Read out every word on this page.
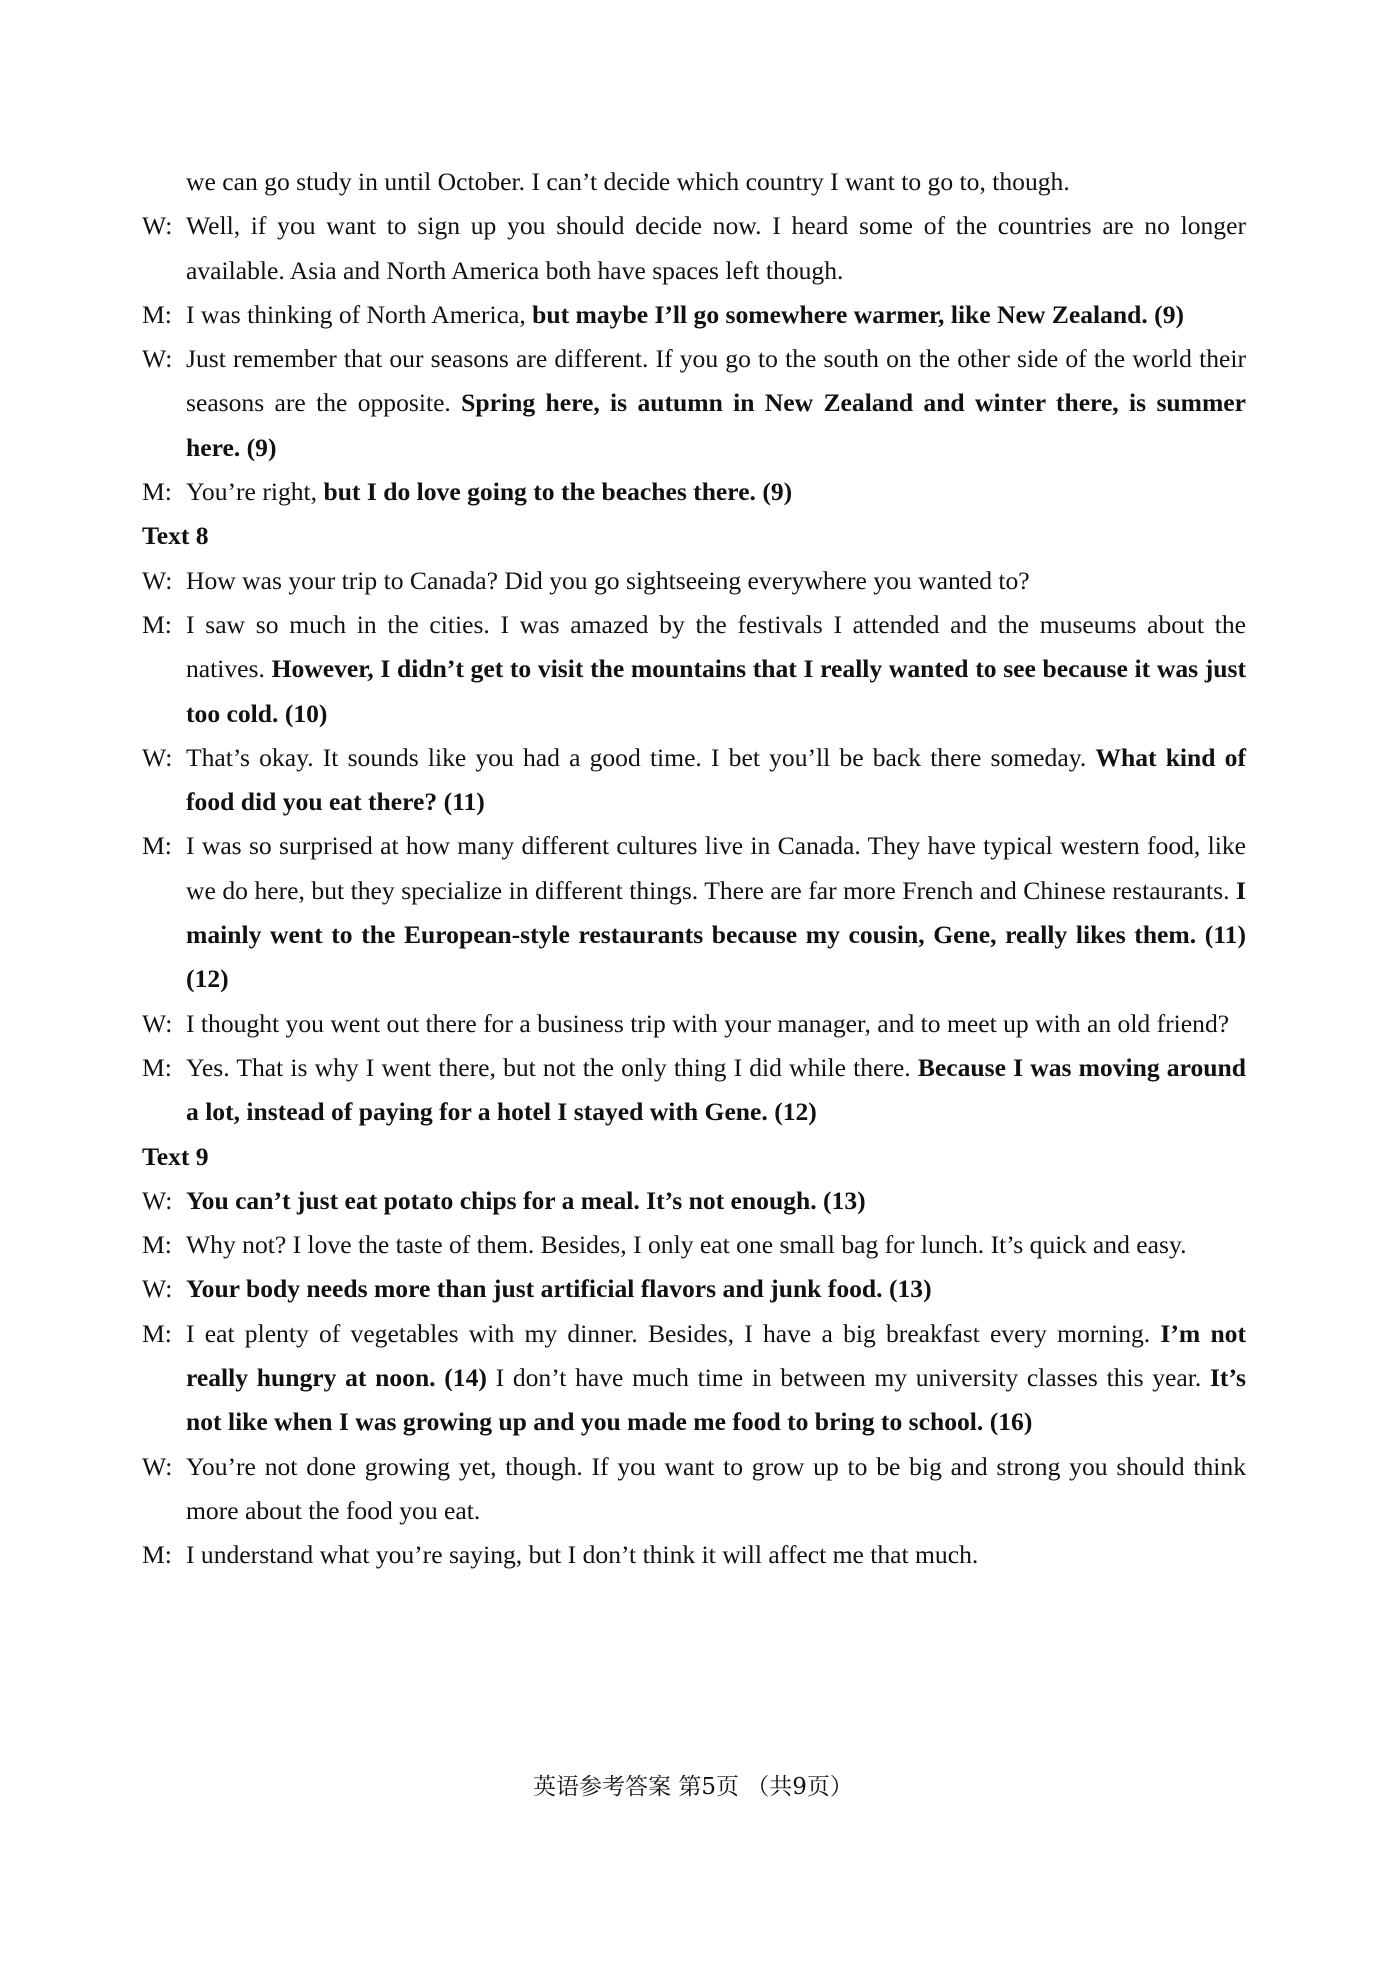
we can go study in until October. I can’t decide which country I want to go to, though.
W: Well, if you want to sign up you should decide now. I heard some of the countries are no longer available. Asia and North America both have spaces left though.
M: I was thinking of North America, but maybe I’ll go somewhere warmer, like New Zealand. (9)
W: Just remember that our seasons are different. If you go to the south on the other side of the world their seasons are the opposite. Spring here, is autumn in New Zealand and winter there, is summer here. (9)
M: You’re right, but I do love going to the beaches there. (9)
Text 8
W: How was your trip to Canada? Did you go sightseeing everywhere you wanted to?
M: I saw so much in the cities. I was amazed by the festivals I attended and the museums about the natives. However, I didn’t get to visit the mountains that I really wanted to see because it was just too cold. (10)
W: That’s okay. It sounds like you had a good time. I bet you’ll be back there someday. What kind of food did you eat there? (11)
M: I was so surprised at how many different cultures live in Canada. They have typical western food, like we do here, but they specialize in different things. There are far more French and Chinese restaurants. I mainly went to the European-style restaurants because my cousin, Gene, really likes them. (11) (12)
W: I thought you went out there for a business trip with your manager, and to meet up with an old friend?
M: Yes. That is why I went there, but not the only thing I did while there. Because I was moving around a lot, instead of paying for a hotel I stayed with Gene. (12)
Text 9
W: You can’t just eat potato chips for a meal. It’s not enough. (13)
M: Why not? I love the taste of them. Besides, I only eat one small bag for lunch. It’s quick and easy.
W: Your body needs more than just artificial flavors and junk food. (13)
M: I eat plenty of vegetables with my dinner. Besides, I have a big breakfast every morning. I’m not really hungry at noon. (14) I don’t have much time in between my university classes this year. It’s not like when I was growing up and you made me food to bring to school. (16)
W: You’re not done growing yet, though. If you want to grow up to be big and strong you should think more about the food you eat.
M: I understand what you’re saying, but I don’t think it will affect me that much.
英语参考答案 第5页 （共9页）
